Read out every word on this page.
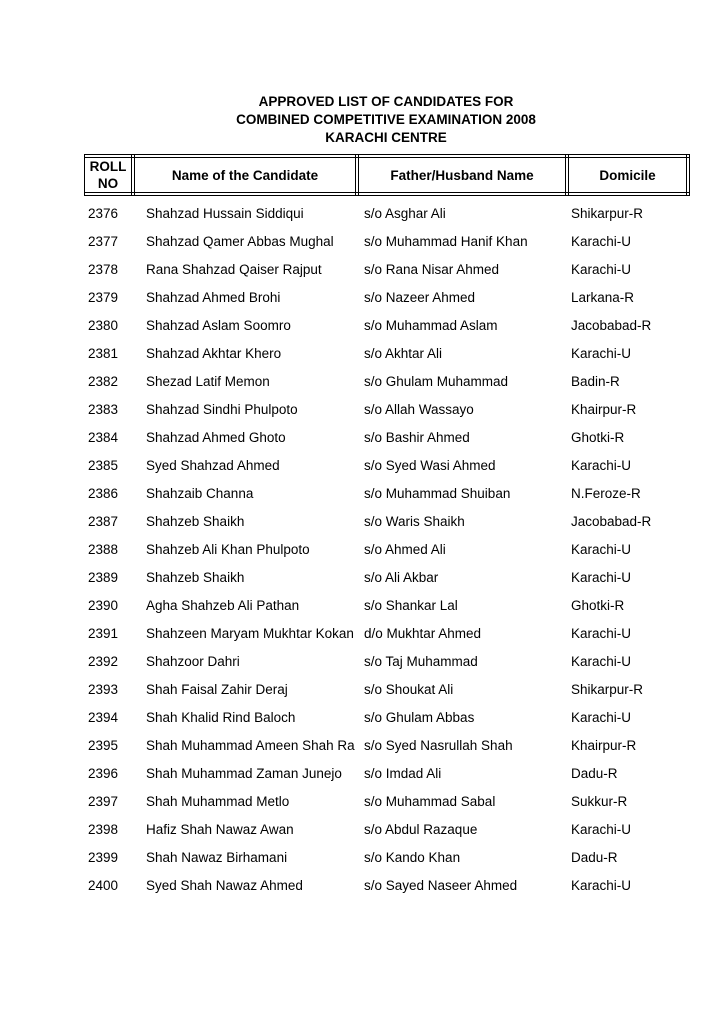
APPROVED LIST OF CANDIDATES FOR
COMBINED COMPETITIVE EXAMINATION 2008
KARACHI CENTRE
ROLL
NO
Name of the Candidate	Father/Husband Name	Domicile
2376 Shahzad Hussain Siddiqui	s/o Asghar Ali	Shikarpur-R
2377 Shahzad Qamer Abbas Mughal	s/o Muhammad Hanif Khan	Karachi-U
2378 Rana Shahzad Qaiser Rajput	s/o Rana Nisar Ahmed	Karachi-U
2379 Shahzad Ahmed Brohi	s/o Nazeer Ahmed	Larkana-R
2380 Shahzad Aslam Soomro	s/o Muhammad Aslam	Jacobabad-R
2381 Shahzad Akhtar Khero	s/o Akhtar Ali	Karachi-U
2382 Shezad Latif Memon	s/o Ghulam Muhammad	Badin-R
2383 Shahzad Sindhi Phulpoto	s/o Allah Wassayo	Khairpur-R
2384 Shahzad Ahmed Ghoto	s/o Bashir Ahmed	Ghotki-R
2385 Syed Shahzad Ahmed	s/o Syed Wasi Ahmed	Karachi-U
2386 Shahzaib Channa	s/o Muhammad Shuiban	N.Feroze-R
2387 Shahzeb Shaikh	s/o Waris Shaikh	Jacobabad-R
2388 Shahzeb Ali Khan Phulpoto	s/o Ahmed Ali	Karachi-U
2389 Shahzeb Shaikh	s/o Ali Akbar	Karachi-U
2390 Agha Shahzeb Ali Pathan	s/o Shankar Lal	Ghotki-R
2391 Shahzeen Maryam Mukhtar Kokan d/o Mukhtar Ahmed	Karachi-U
2392 Shahzoor Dahri	s/o Taj Muhammad	Karachi-U
2393 Shah Faisal Zahir Deraj	s/o Shoukat Ali	Shikarpur-R
2394 Shah Khalid Rind Baloch	s/o Ghulam Abbas	Karachi-U
2395 Shah Muhammad Ameen Shah Ra s/o Syed Nasrullah Shah	Khairpur-R
2396 Shah Muhammad Zaman Junejo	s/o Imdad Ali	Dadu-R
2397 Shah Muhammad Metlo	s/o Muhammad Sabal	Sukkur-R
2398 Hafiz Shah Nawaz Awan	s/o Abdul Razaque	Karachi-U
2399 Shah Nawaz Birhamani	s/o Kando Khan	Dadu-R
2400 Syed Shah Nawaz Ahmed	s/o Sayed Naseer Ahmed	Karachi-U
